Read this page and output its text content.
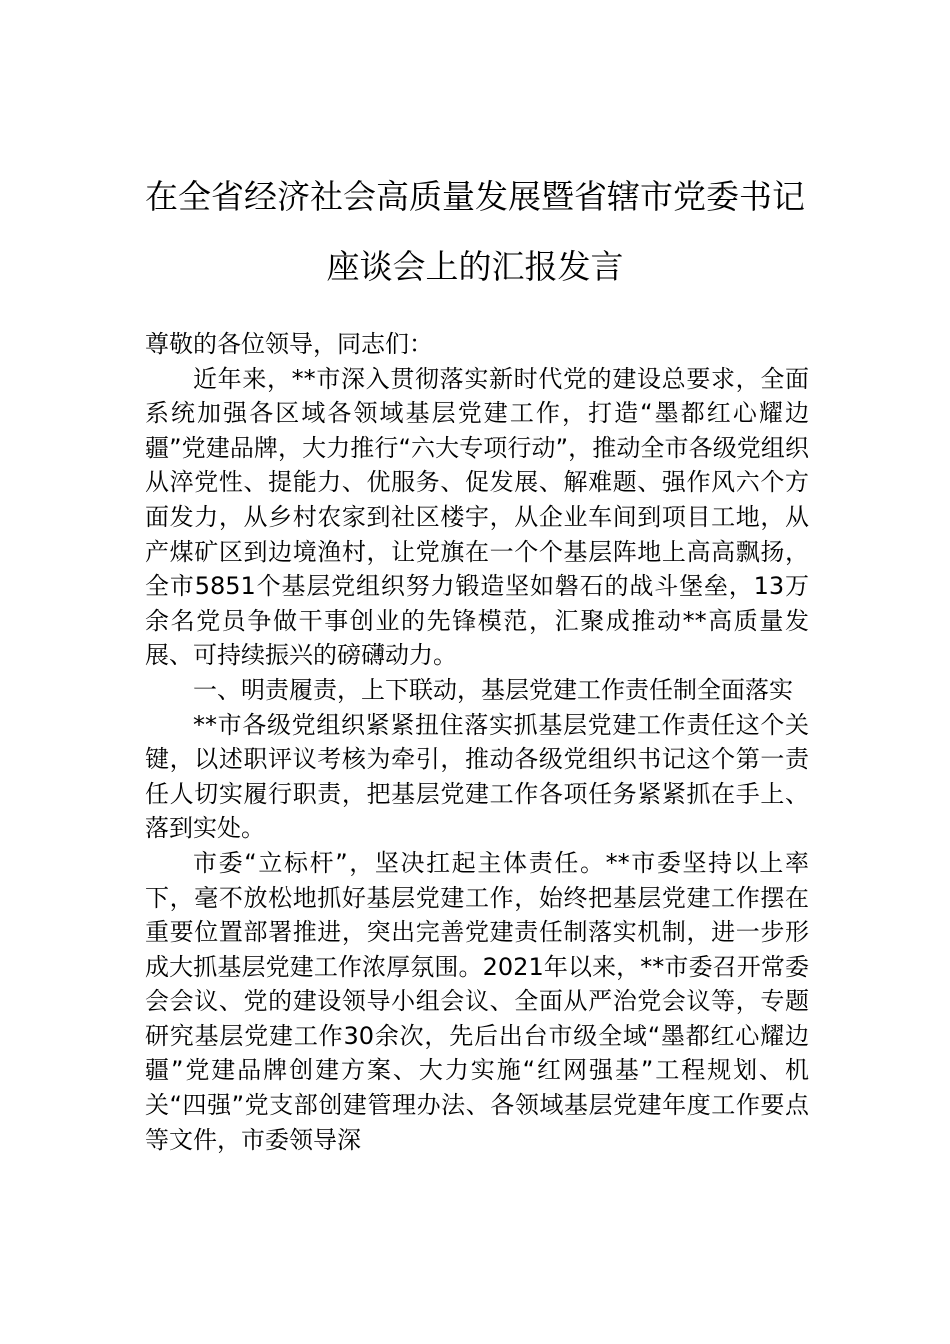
在全省经济社会高质量发展暨省辖市党委书记座谈会上的汇报发言

尊敬的各位领导，同志们：

近年来，**市深入贯彻落实新时代党的建设总要求，全面系统加强各区域各领域基层党建工作，打造“墨都红心耀边疆”党建品牌，大力推行“六大专项行动”，推动全市各级党组织从淬党性、提能力、优服务、促发展、解难题、强作风六个方面发力，从乡村农家到社区楼宇，从企业车间到项目工地，从产煤矿区到边境渔村，让党旗在一个个基层阵地上高高飘扬，全市5851个基层党组织努力锻造坚如磐石的战斗堡垒，13万余名党员争做干事创业的先锋模范，汇聚成推动**高质量发展、可持续振兴的磅礴动力。

一、明责履责，上下联动，基层党建工作责任制全面落实

**市各级党组织紧紧扭住落实抓基层党建工作责任这个关键，以述职评议考核为牵引，推动各级党组织书记这个第一责任人切实履行职责，把基层党建工作各项任务紧紧抓在手上、落到实处。

市委“立标杆”，坚决扛起主体责任。**市委坚持以上率下，毫不放松地抓好基层党建工作，始终把基层党建工作摆在重要位置部署推进，突出完善党建责任制落实机制，进一步形成大抓基层党建工作浓厚氛围。2021年以来，**市委召开常委会会议、党的建设领导小组会议、全面从严治党会议等，专题研究基层党建工作30余次，先后出台市级全域“墨都红心耀边疆”党建品牌创建方案、大力实施“红网强基”工程规划、机关“四强”党支部创建管理办法、各领域基层党建年度工作要点等文件，市委领导深
